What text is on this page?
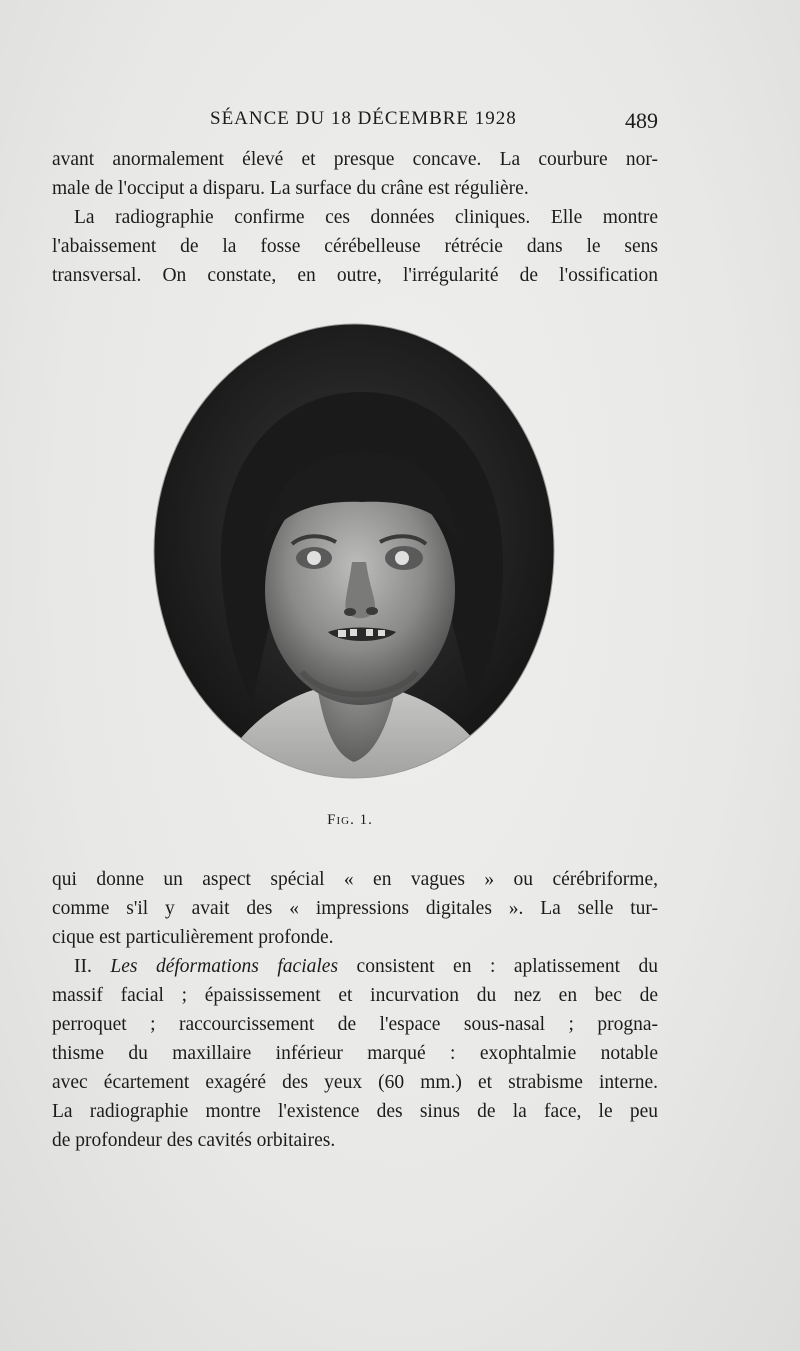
SÉANCE DU 18 DÉCEMBRE 1928	489
avant anormalement élevé et presque concave. La courbure nor-
male de l'occiput a disparu. La surface du crâne est régulière.
La radiographie confirme ces données cliniques. Elle montre
l'abaissement de la fosse cérébelleuse rétrécie dans le sens
transversal. On constate, en outre, l'irrégularité de l'ossification
Fig. 1.
qui donne un aspect spécial « en vagues » ou cérébriforme,
comme s'il y avait des « impressions digitales ». La selle tur-
cique est particulièrement profonde.
II. Les déformations faciales consistent en : aplatissement du
massif facial ; épaississement et incurvation du nez en bec de
perroquet ; raccourcissement de l'espace sous-nasal ; progna-
thisme du maxillaire inférieur marqué : exophtalmie notable
avec écartement exagéré des yeux (60 mm.) et strabisme interne.
La radiographie montre l'existence des sinus de la face, le peu
de profondeur des cavités orbitaires.
